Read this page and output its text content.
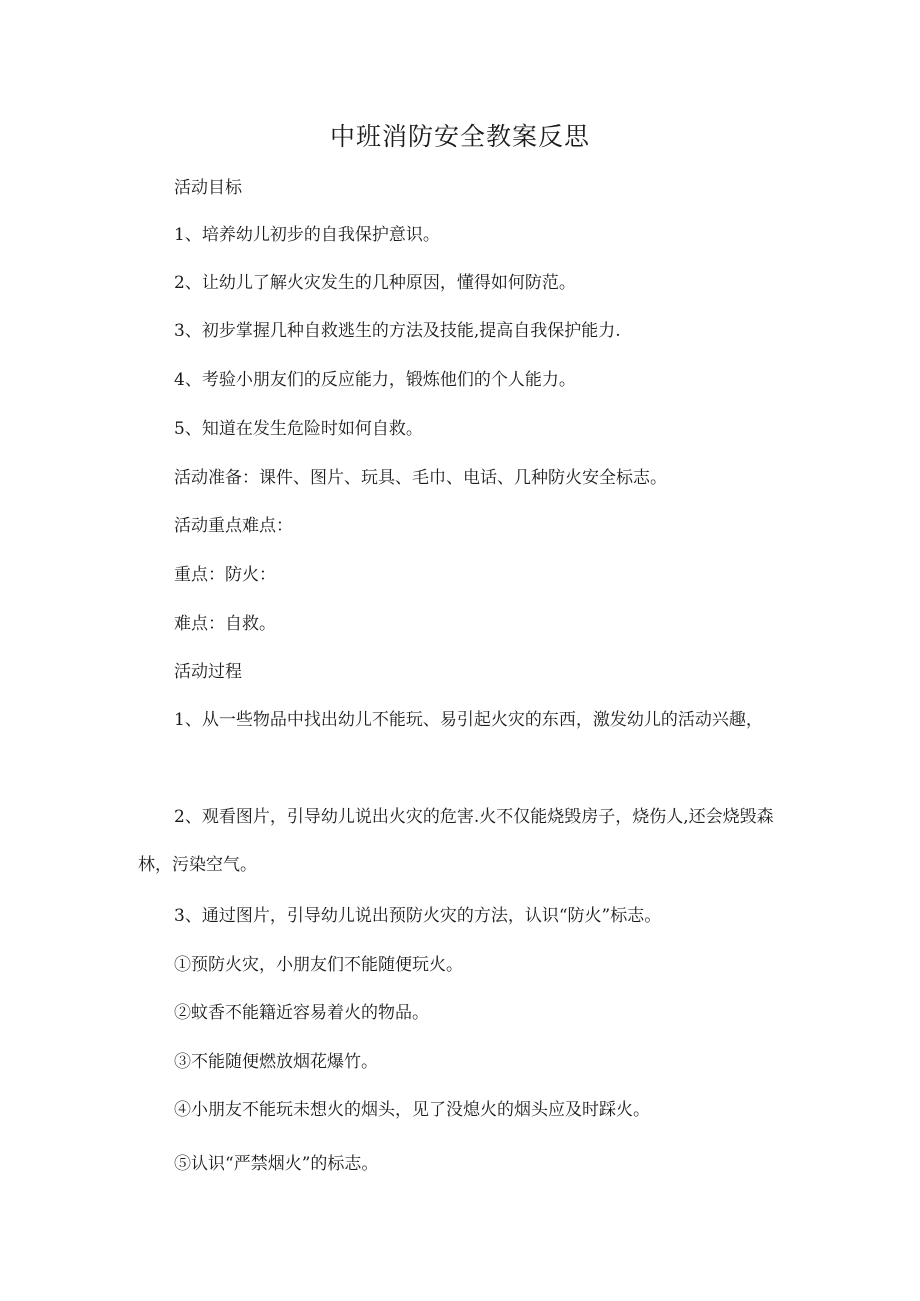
中班消防安全教案反思
活动目标
1、培养幼儿初步的自我保护意识。
2、让幼儿了解火灾发生的几种原因，懂得如何防范。
3、初步掌握几种自救逃生的方法及技能,提高自我保护能力.
4、考验小朋友们的反应能力，锻炼他们的个人能力。
5、知道在发生危险时如何自救。
活动准备：课件、图片、玩具、毛巾、电话、几种防火安全标志。
活动重点难点：
重点：防火：
难点：自救。
活动过程
1、从一些物品中找出幼儿不能玩、易引起火灾的东西，激发幼儿的活动兴趣，
2、观看图片，引导幼儿说出火灾的危害.火不仅能烧毁房子，烧伤人,还会烧毁森林，污染空气。
3、通过图片，引导幼儿说出预防火灾的方法，认识“防火”标志。
①预防火灾，小朋友们不能随便玩火。
②蚊香不能籍近容易着火的物品。
③不能随便燃放烟花爆竹。
④小朋友不能玩未想火的烟头，见了没熄火的烟头应及时踩火。
⑤认识“严禁烟火”的标志。
